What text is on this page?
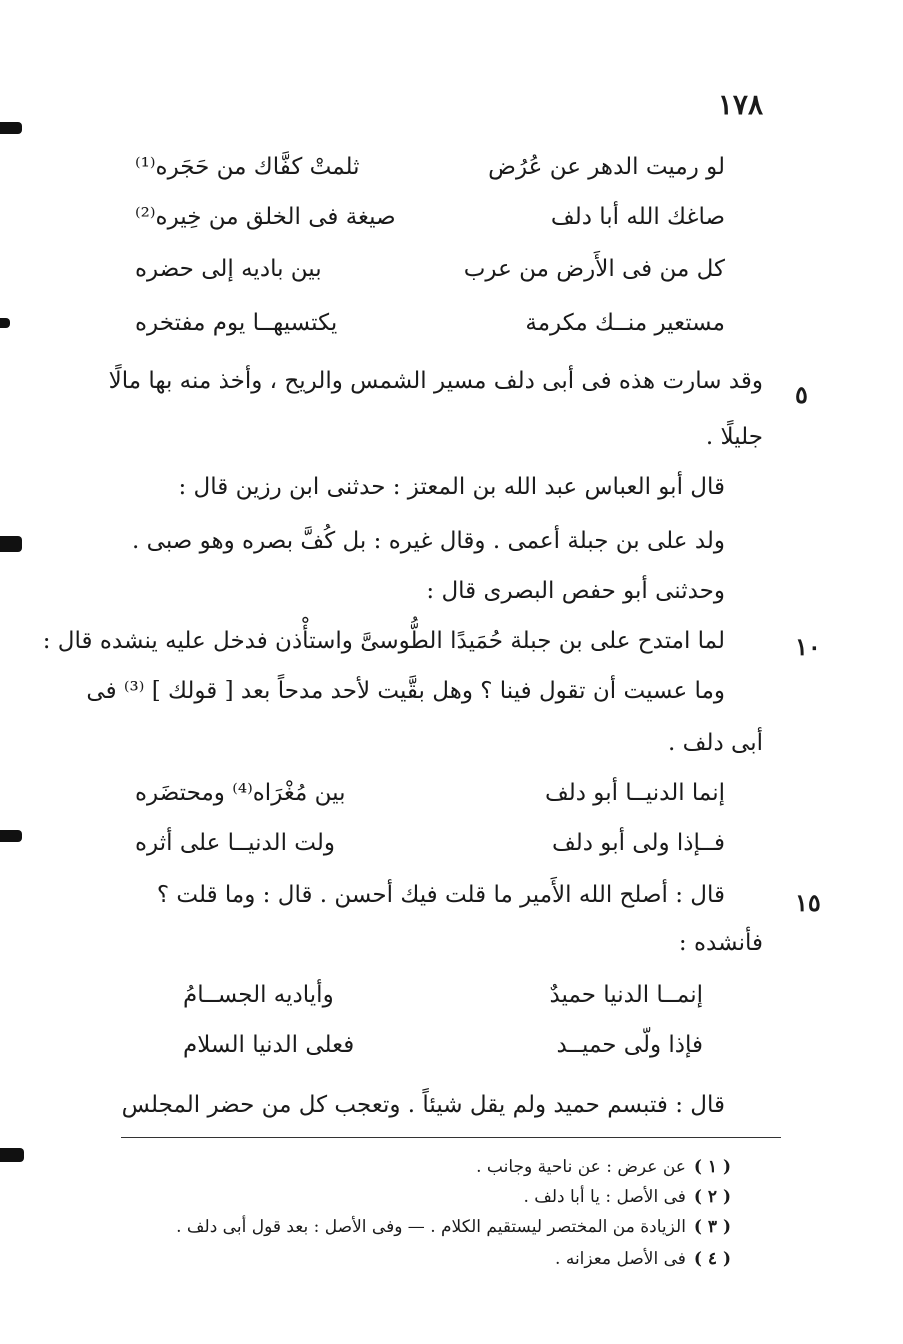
١٧٨
٥
١٠
١٥
لو رميت الدهر عن عُرُض
ثلمتْ كفَّاك من حَجَره⁽¹⁾
صاغك الله أبا دلف
صيغة فى الخلق من خِيره⁽²⁾
كل من فى الأَرض من عرب
بين باديه إلى حضره
مستعير منــك مكرمة
يكتسيهــا يوم مفتخره
وقد سارت هذه فى أبى دلف مسير الشمس والريح ، وأخذ منه بها مالًا
جليلًا .
قال أبو العباس عبد الله بن المعتز : حدثنى ابن رزين قال :
ولد على بن جبلة أعمى . وقال غيره : بل كُفَّ بصره وهو صبى .
وحدثنى أبو حفص البصرى قال :
لما امتدح على بن جبلة حُمَيدًا الطُّوسىَّ واستأْذن فدخل عليه ينشده قال :
وما عسيت أن تقول فينا ؟ وهل بقَّيت لأحد مدحاً بعد [ قولك ] ⁽³⁾ فى
أبى دلف .
إنما الدنيــا أبو دلف
بين مُغْرَاه⁽⁴⁾ ومحتضَره
فــإذا ولى أبو دلف
ولت الدنيــا على أثره
قال : أصلح الله الأَمير ما قلت فيك أحسن . قال : وما قلت ؟
فأنشده :
إنمــا الدنيا حميدٌ
وأياديه الجســامُ
فإذا ولّى حميــد
فعلى الدنيا السلام
قال : فتبسم حميد ولم يقل شيئاً . وتعجب كل من حضر المجلس
( ١ )عن عرض : عن ناحية وجانب .
( ٢ )فى الأصل : يا أبا دلف .
( ٣ )الزيادة من المختصر ليستقيم الكلام . — وفى الأصل : بعد قول أبى دلف .
( ٤ )فى الأصل معزانه .
